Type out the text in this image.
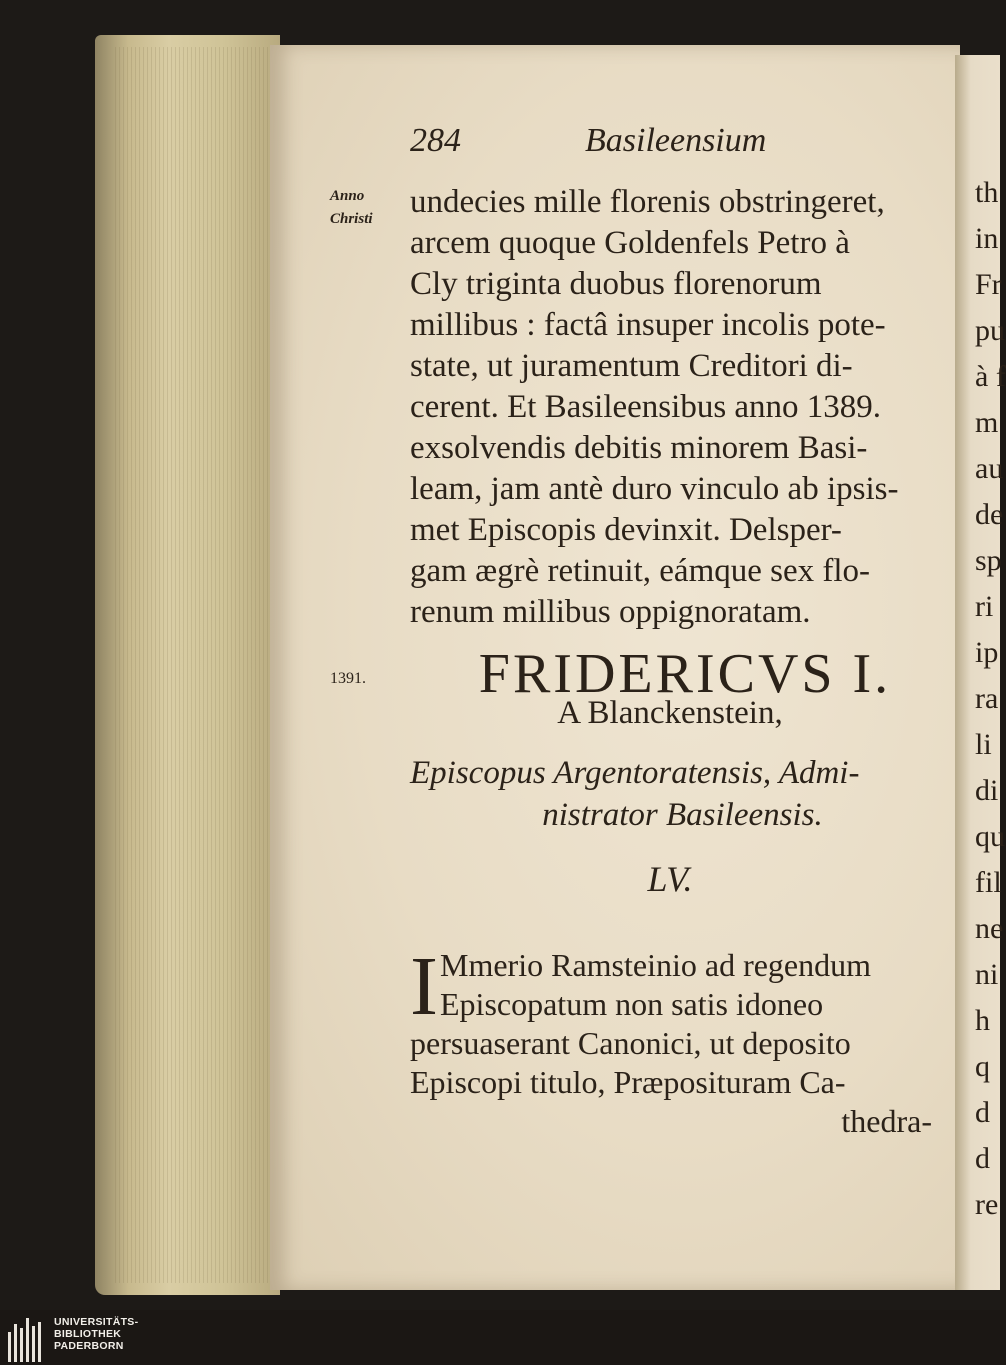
th
in
Fr
pu
à f
m
au
de
sp
ri
ip
ra
li
di
qu
fil
ne
ni
h
q
d
d
re
284	Basileensium
Anno
Christi
1391.
undecies mille florenis obstringeret,
arcem quoque Goldenfels Petro à
Cly triginta duobus florenorum
millibus : factâ insuper incolis pote-
state, ut juramentum Creditori di-
cerent. Et Basileensibus anno 1389.
exsolvendis debitis minorem Basi-
leam, jam antè duro vinculo ab ipsis-
met Episcopis devinxit. Delsper-
gam ægrè retinuit, eámque sex flo-
renum millibus oppignoratam.
FRIDERICVS I.
A Blanckenstein,
Episcopus Argentoratensis, Admi-
nistrator Basileensis.
LV.
I Mmerio Ramsteinio ad regendum
Episcopatum non satis idoneo
persuaserant Canonici, ut deposito
Episcopi titulo, Præposituram Ca-
thedra-
UNIVERSITÄTS-
BIBLIOTHEK
PADERBORN
